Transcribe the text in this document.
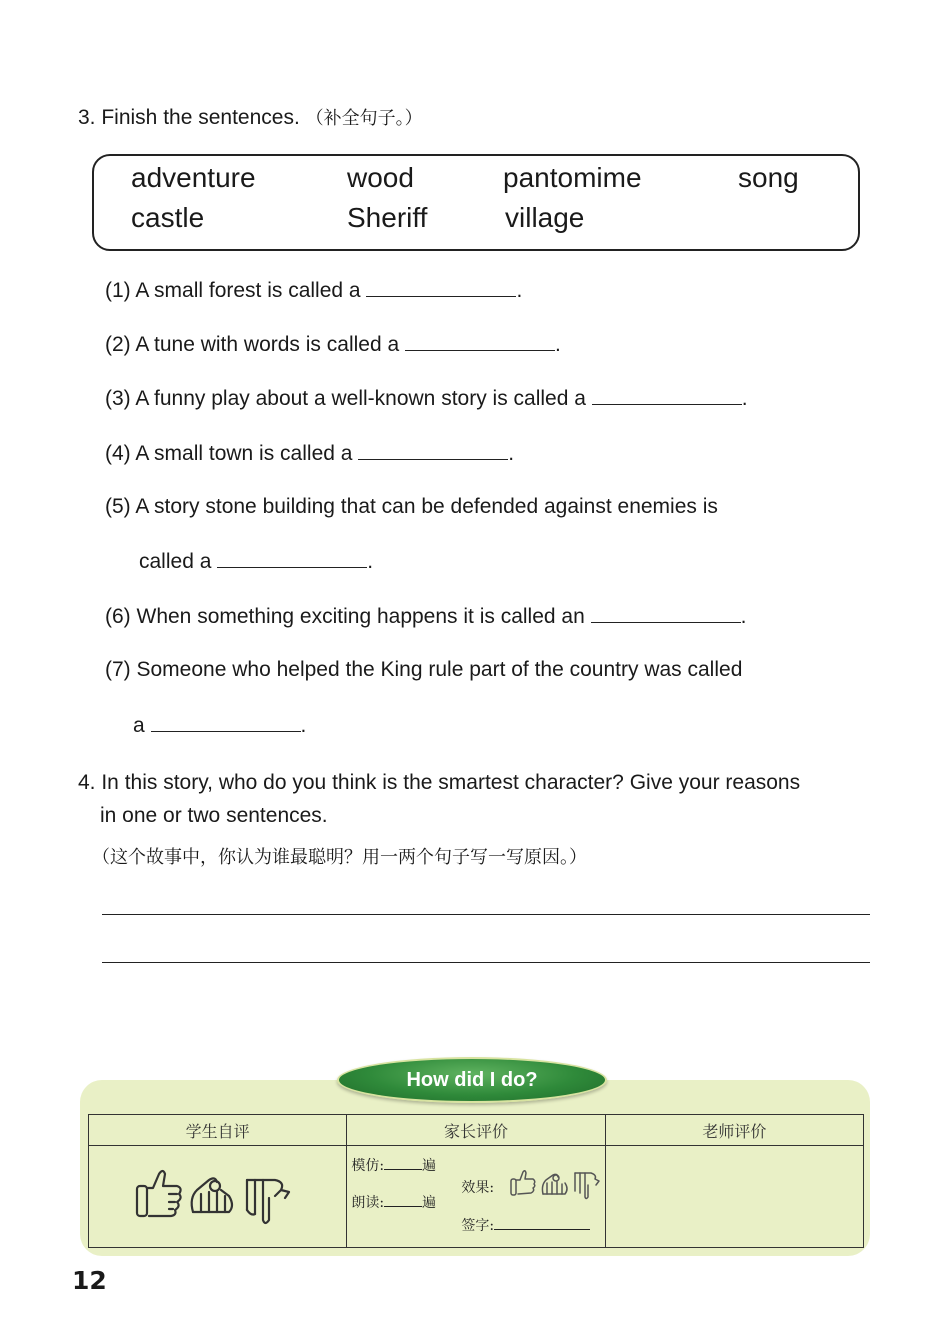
3. Finish the sentences. （补全句子。）
adventure	wood	pantomime	song
castle	Sheriff	village
(1) A small forest is called a	.
(2) A tune with words is called a	.
(3) A funny play about a well-known story is called a	.
(4) A small town is called a	.
(5) A story stone building that can be defended against enemies is
called a	.
(6) When something exciting happens it is called an	.
(7) Someone who helped the King rule part of the country was called
a	.
4. In this story, who do you think is the smartest character? Give your reasons
in one or two sentences.
（这个故事中，你认为谁最聪明？用一两个句子写一写原因。）
学生自评	家长评价	老师评价

模仿: 遍
朗读: 遍
效果:
签字:	

How did I do?
12
